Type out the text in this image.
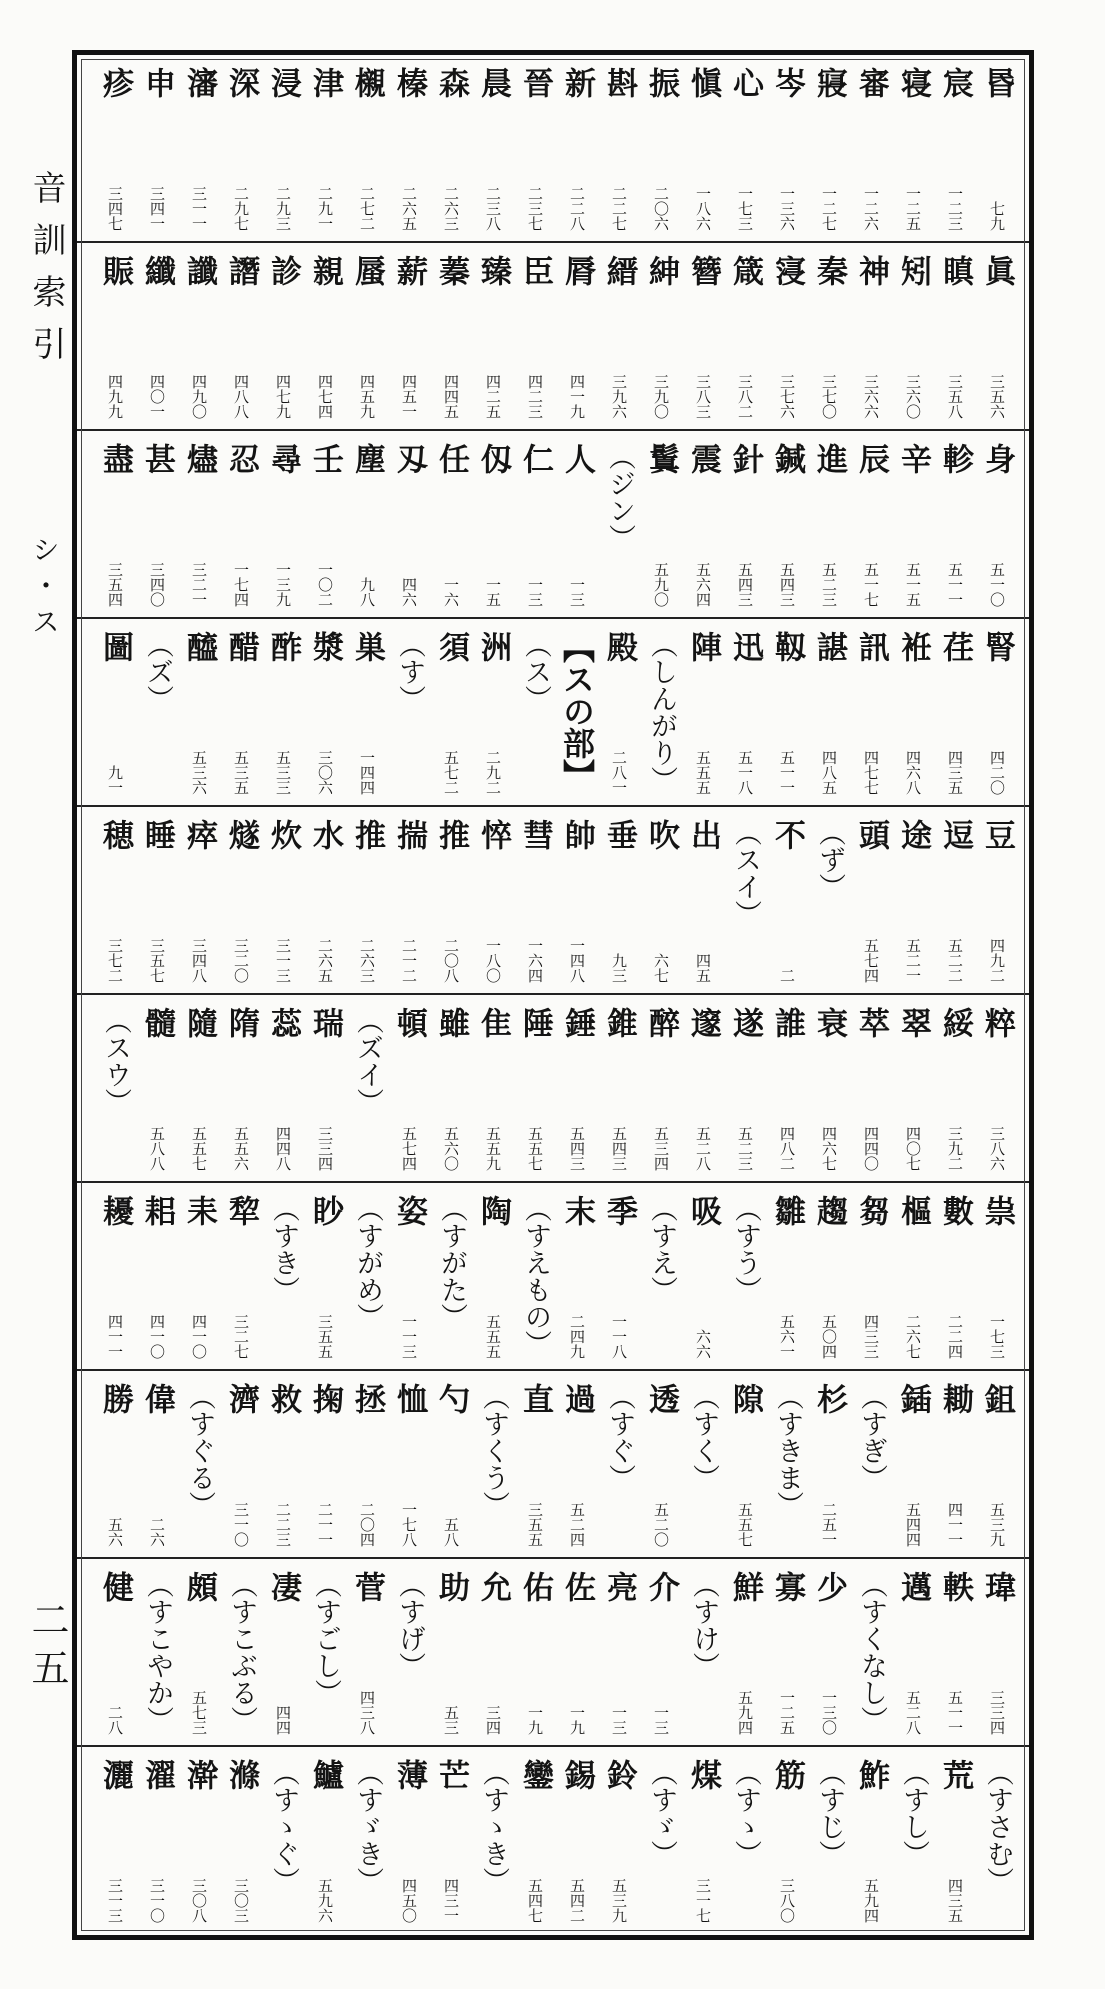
音訓索引
シ・ス
二五
昬
七九
宸
一二三
寝
一二五
審
一二六
寢
一二七
岑
一三六
心
一七三
愼
一八六
振
二〇六
斟
二二七
新
二二八
晉
二三七
晨
二三八
森
二六三
榛
二六五
櫬
二七二
津
二九一
浸
二九三
深
二九七
瀋
三一一
申
三四一
疹
三四七
眞
三五六
瞋
三五八
矧
三六〇
神
三六六
秦
三七〇
寖
三七六
箴
三八二
簪
三八三
紳
三九〇
縉
三九六
脣
四一九
臣
四二三
臻
四二五
蓁
四四五
薪
四五一
蜃
四五九
親
四七四
診
四七九
譖
四八八
讖
四九〇
纖
四〇一
賑
四九九
身
五一〇
軫
五一一
辛
五一五
辰
五一七
進
五二三
鍼
五四三
針
五四三
震
五六四
鬒
五九〇
（ジン）
人
一三
仁
一三
仭
一五
任
一六
刄
四六
塵
九八
壬
一〇二
尋
一三九
忍
一七四
燼
三二一
甚
三四〇
盡
三五四
腎
四二〇
荏
四三五
袵
四六八
訊
四七七
諶
四八五
靱
五一一
迅
五一八
陣
五五五
（しんがり）
殿
二八一
【スの部】
（ス）
洲
二九二
須
五七二
（す）
巣
一四四
漿
三〇六
酢
五三三
醋
五三五
醯
五三六
（ズ）
圖
九一
豆
四九二
逗
五二二
途
五二一
頭
五七四
（ず）
不
二
（スイ）
出
四五
吹
六七
垂
九三
帥
一四八
彗
一六四
悴
一八〇
推
二〇八
揣
二一二
推
二六三
水
二六五
炊
三一三
燧
三二〇
瘁
三四八
睡
三五七
穂
三七二
粹
三八六
綏
三九二
翠
四〇七
萃
四四〇
衰
四六七
誰
四八二
遂
五二三
邃
五二八
醉
五三四
錐
五四三
錘
五四三
陲
五五七
隹
五五九
雖
五六〇
頓
五七四
（ズイ）
瑞
三三四
蕊
四四八
隋
五五六
隨
五五七
髓
五八八
（スウ）
祟
一七三
數
二二四
樞
二六七
芻
四三三
趨
五〇四
雛
五六一
（すう）
吸
六六
（すえ）
季
一一八
末
二四九
（すえもの）
陶
五五五
（すがた）
姿
一一三
（すがめ）
眇
三五五
（すき）
犂
三二七
耒
四一〇
耜
四一〇
耰
四一一
鉏
五三九
耡
四一一
鍤
五四四
（すぎ）
杉
二五一
（すきま）
隙
五五七
（すく）
透
五二〇
（すぐ）
過
五二四
直
三五五
（すくう）
勺
五八
恤
一七八
拯
二〇四
掬
二一一
救
二二三
濟
三一〇
（すぐる）
偉
二六
勝
五六
瑋
三三四
軼
五一一
邁
五二八
（すくなし）
少
一三〇
寡
一二五
鮮
五九四
（すけ）
介
一三
亮
一三
佐
一九
佑
一九
允
三四
助
五三
（すげ）
菅
四三八
（すごし）
凄
四四
（すこぶる）
頗
五七三
（すこやか）
健
二八
（すさむ）
荒
四三五
（すし）
鮓
五九四
（すじ）
筋
三八〇
（すゝ）
煤
三一七
（すゞ）
鈴
五三九
錫
五四二
鑾
五四七
（すゝき）
芒
四三一
薄
四五〇
（すゞき）
鱸
五九六
（すゝぐ）
滌
三〇三
澣
三〇八
濯
三一〇
灑
三一三
